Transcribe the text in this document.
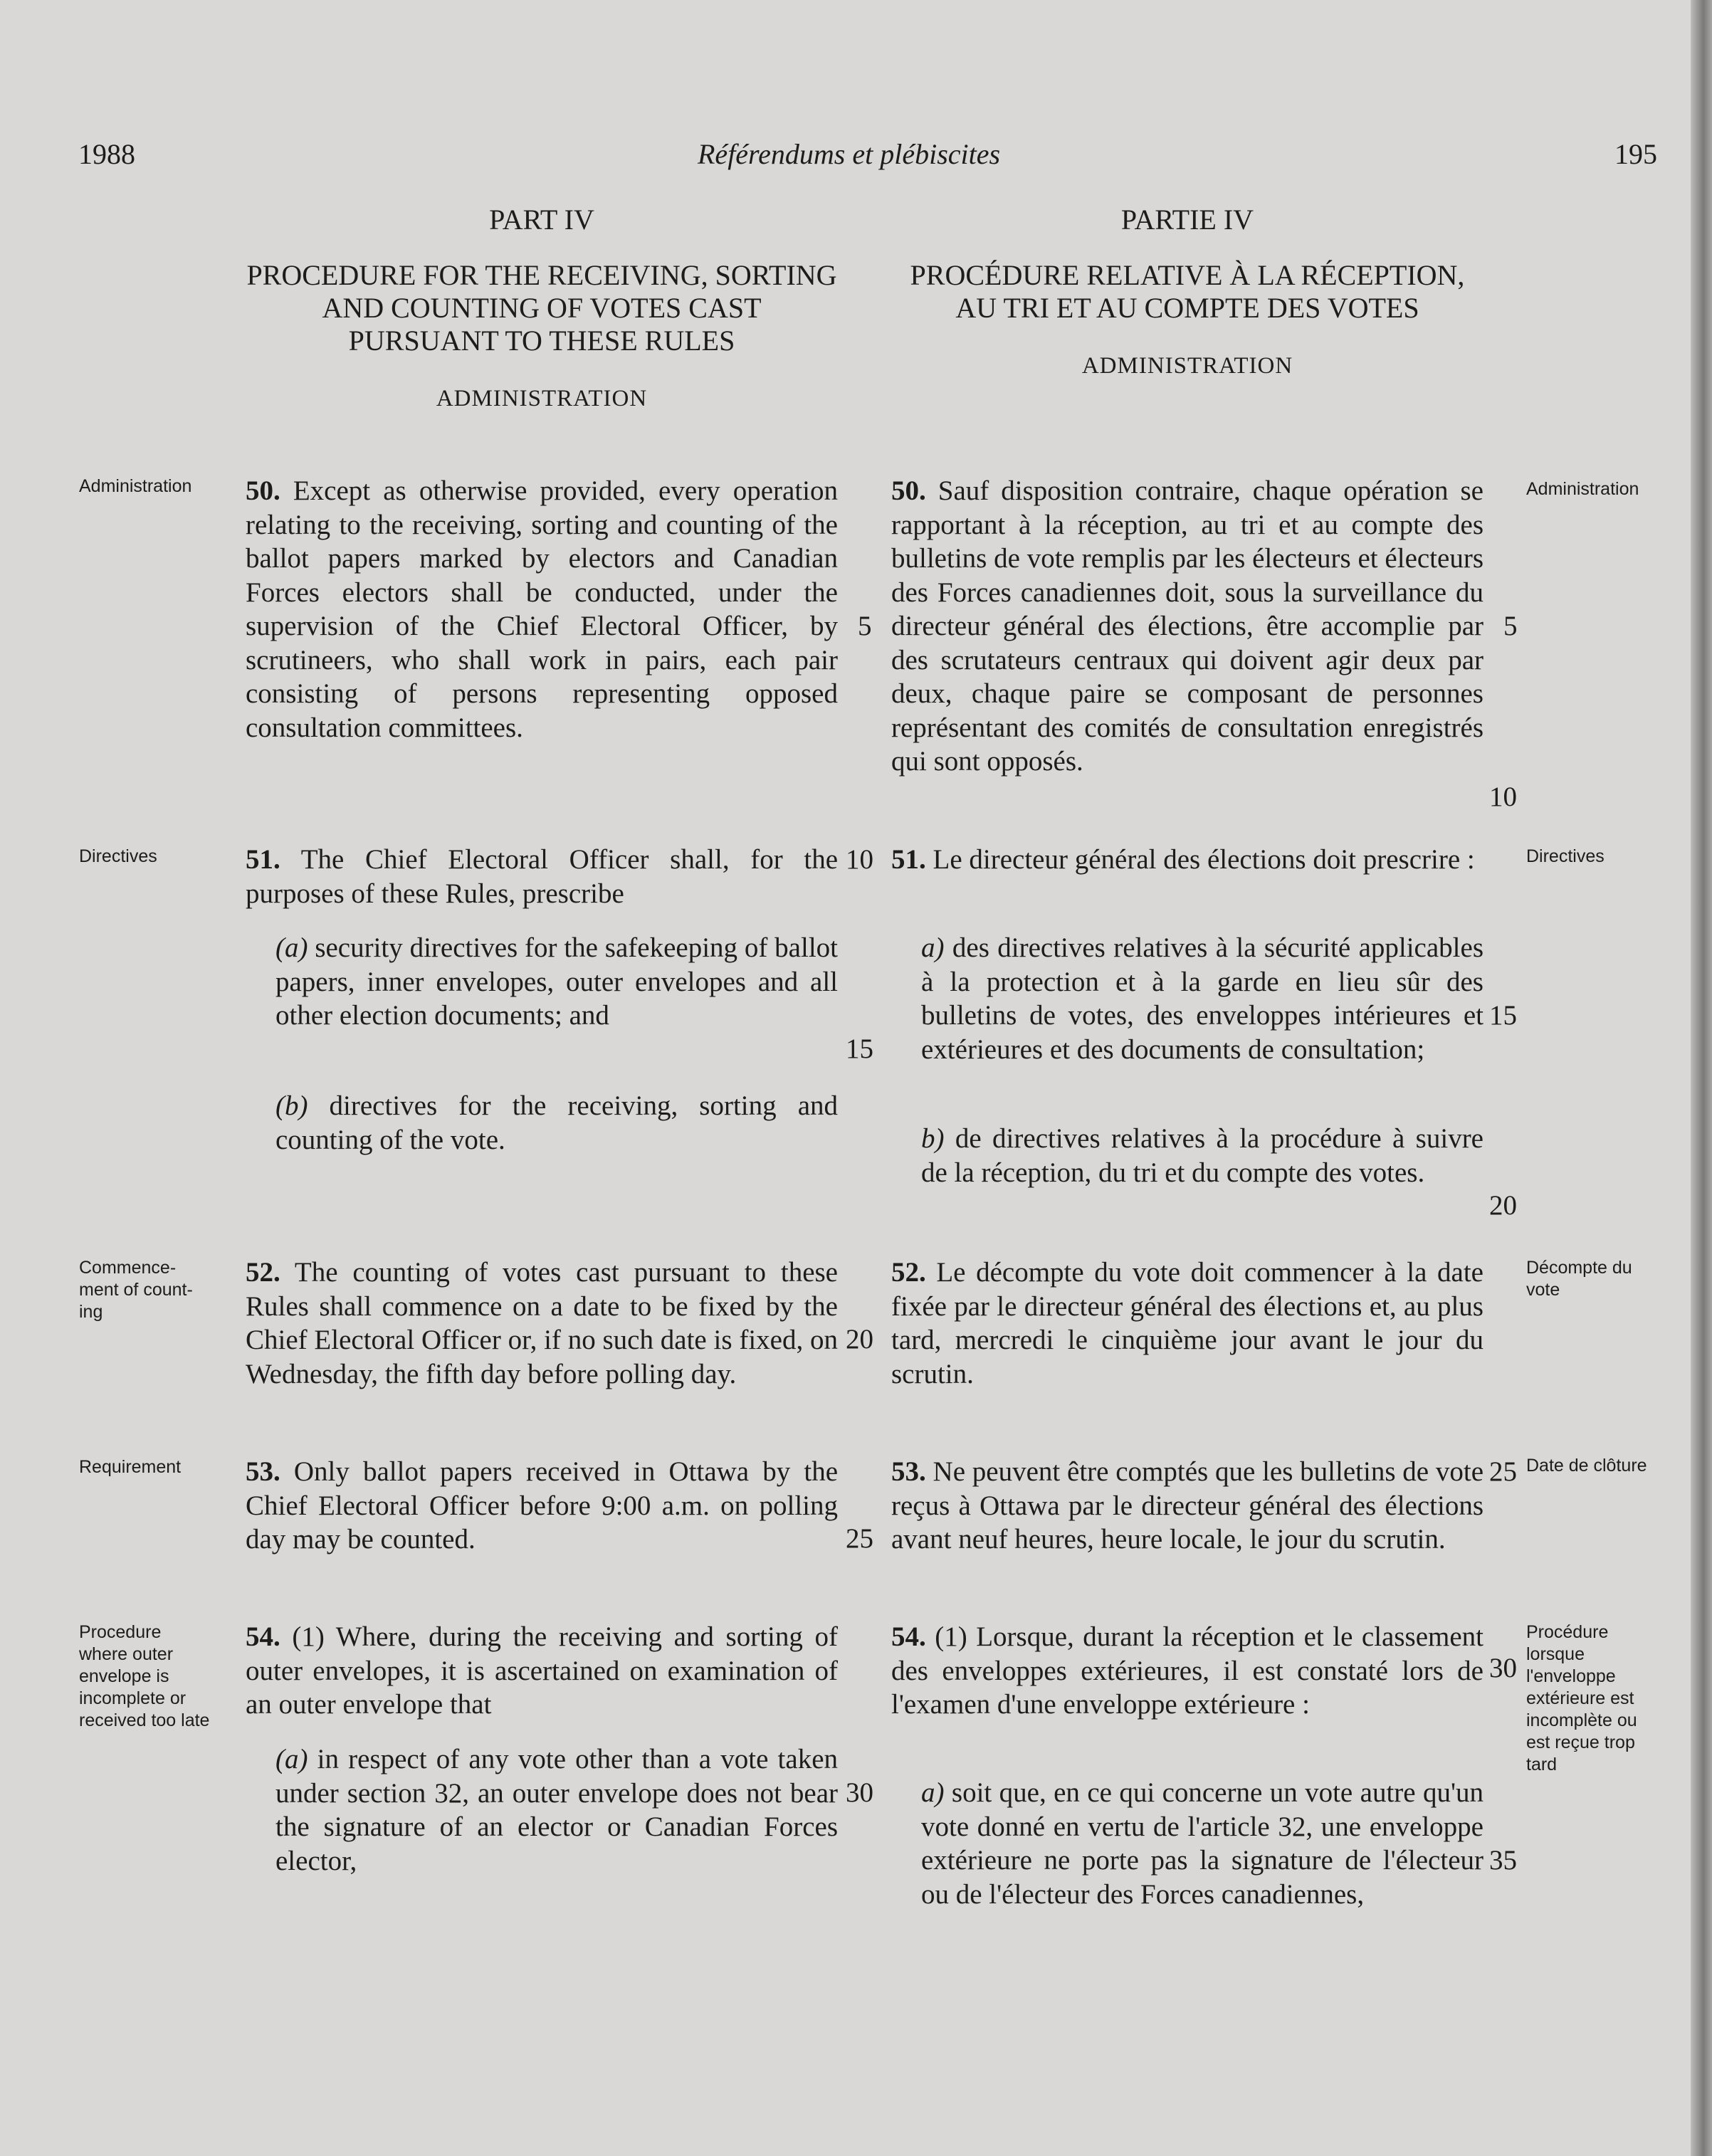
1988	Référendums et plébiscites	195

PART IV

PROCEDURE FOR THE RECEIVING, SORTING AND COUNTING OF VOTES CAST PURSUANT TO THESE RULES

ADMINISTRATION

PARTIE IV

PROCÉDURE RELATIVE À LA RÉCEPTION, AU TRI ET AU COMPTE DES VOTES

ADMINISTRATION
50. Except as otherwise provided, every operation relating to the receiving, sorting and counting of the ballot papers marked by electors and Canadian Forces electors shall be conducted, under the supervision of the Chief Electoral Officer, by scrutineers, who shall work in pairs, each pair consisting of persons representing opposed consultation committees.
51. The Chief Electoral Officer shall, for the purposes of these Rules, prescribe
(a) security directives for the safekeeping of ballot papers, inner envelopes, outer envelopes and all other election documents; and
(b) directives for the receiving, sorting and counting of the vote.
52. The counting of votes cast pursuant to these Rules shall commence on a date to be fixed by the Chief Electoral Officer or, if no such date is fixed, on Wednesday, the fifth day before polling day.
53. Only ballot papers received in Ottawa by the Chief Electoral Officer before 9:00 a.m. on polling day may be counted.
54. (1) Where, during the receiving and sorting of outer envelopes, it is ascertained on examination of an outer envelope that
(a) in respect of any vote other than a vote taken under section 32, an outer envelope does not bear the signature of an elector or Canadian Forces elector,
5
10
15
20
25
30
50. Sauf disposition contraire, chaque opération se rapportant à la réception, au tri et au compte des bulletins de vote remplis par les électeurs et électeurs des Forces canadiennes doit, sous la surveillance du directeur général des élections, être accomplie par des scrutateurs centraux qui doivent agir deux par deux, chaque paire se composant de personnes représentant des comités de consultation enregistrés qui sont opposés.
51. Le directeur général des élections doit prescrire :
a) des directives relatives à la sécurité applicables à la protection et à la garde en lieu sûr des bulletins de votes, des enveloppes intérieures et extérieures et des documents de consultation;
b) de directives relatives à la procédure à suivre de la réception, du tri et du compte des votes.
52. Le décompte du vote doit commencer à la date fixée par le directeur général des élections et, au plus tard, mercredi le cinquième jour avant le jour du scrutin.
53. Ne peuvent être comptés que les bulletins de vote reçus à Ottawa par le directeur général des élections avant neuf heures, heure locale, le jour du scrutin.
54. (1) Lorsque, durant la réception et le classement des enveloppes extérieures, il est constaté lors de l'examen d'une enveloppe extérieure :
a) soit que, en ce qui concerne un vote autre qu'un vote donné en vertu de l'article 32, une enveloppe extérieure ne porte pas la signature de l'électeur ou de l'électeur des Forces canadiennes,
5
10
15
20
25
30
35
Administration
Directives
Commence-ment of count-ing
Requirement
Procedure where outer envelope is incomplete or received too late
Administration
Directives
Décompte du vote
Date de clôture
Procédure lorsque l'enveloppe extérieure est incomplète ou est reçue trop tard
